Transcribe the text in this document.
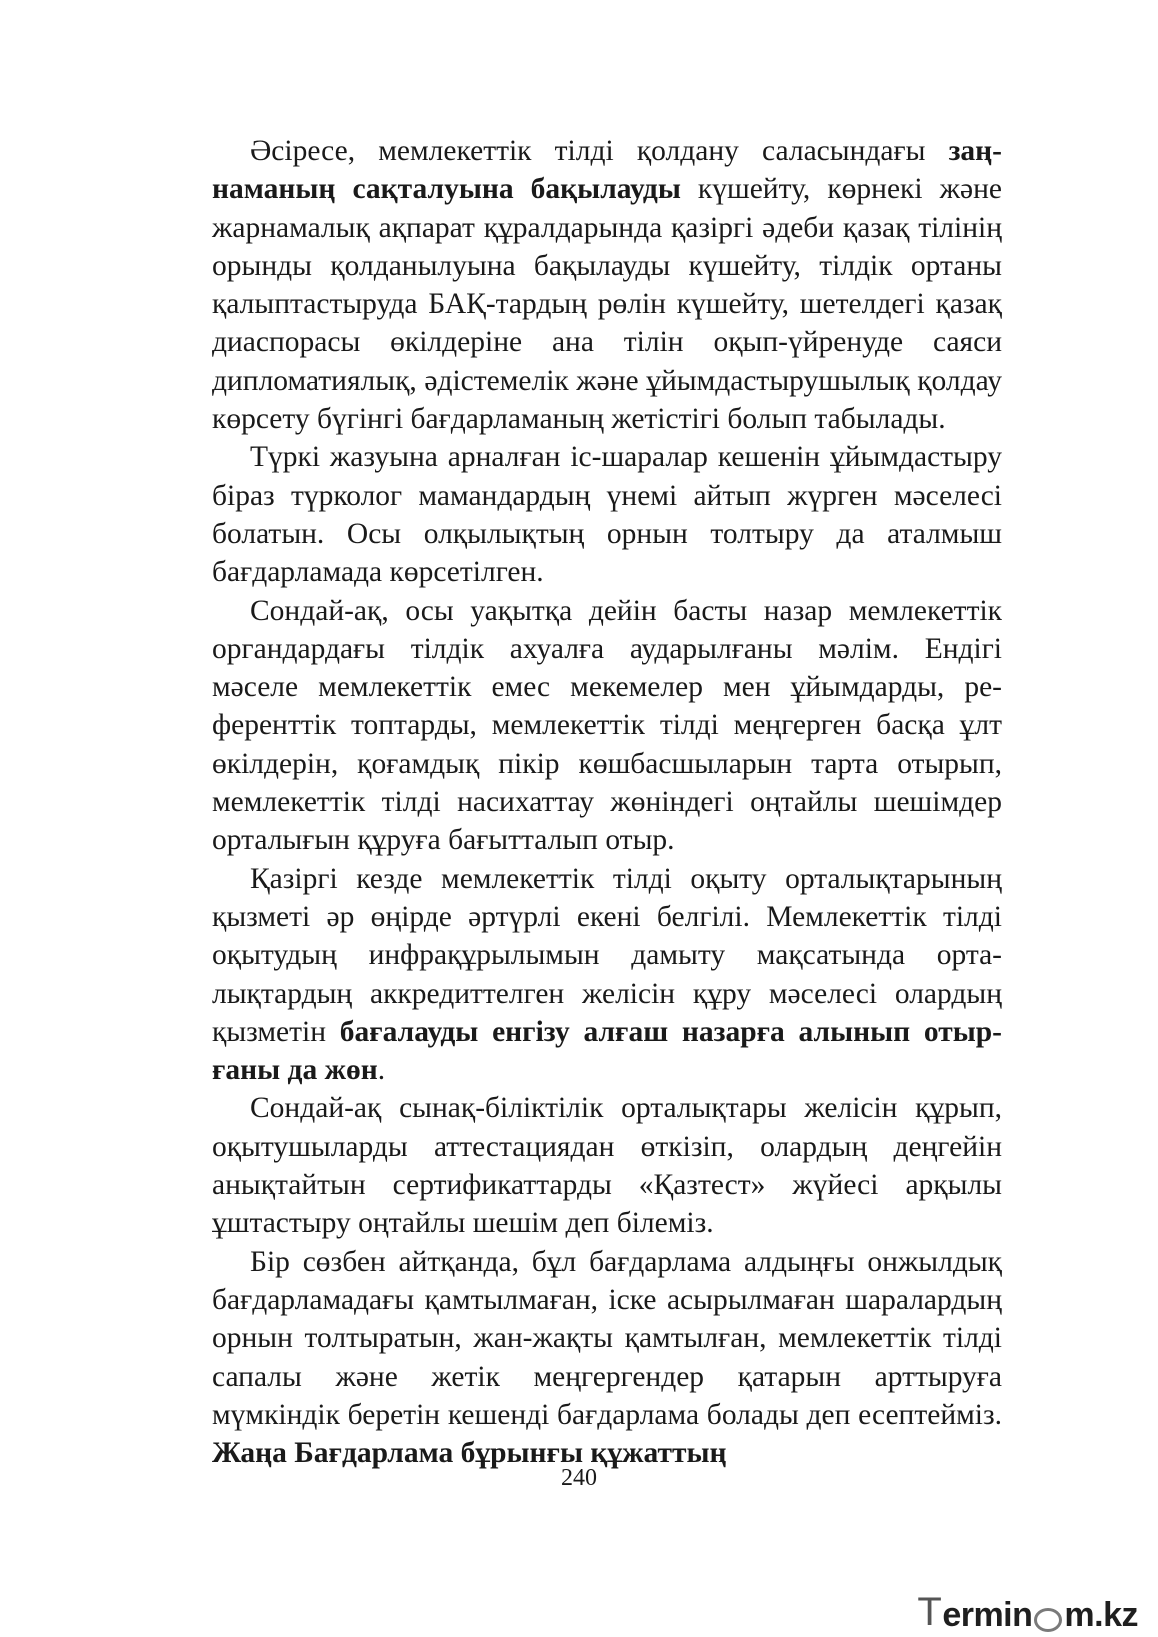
Әсіресе, мемлекеттік тілді қолдану саласындағы заңнаманың сақталуына бақылауды күшейту, көрнекі және жарнамалық ақпарат құралдарында қазіргі әдеби қазақ тілінің орынды қолданылуына бақылауды күшейту, тілдік ортаны қалыптастыруда БАҚ-тардың рөлін күшейту, шетелдегі қазақ диаспорасы өкілдеріне ана тілін оқып-үйренуде саяси дипломатиялық, әдістемелік және ұйымдастырушылық қолдау көрсету бүгінгі бағдарламаның жетістігі болып табылады.

Түркі жазуына арналған іс-шаралар кешенін ұйымдастыру біраз түрколог мамандардың үнемі айтып жүрген мәселесі болатын. Осы олқылықтың орнын толтыру да аталмыш бағдарламада көрсетілген.

Сондай-ақ, осы уақытқа дейін басты назар мемлекеттік органдардағы тілдік ахуалға аударылғаны мәлім. Ендігі мәселе мемлекеттік емес мекемелер мен ұйымдарды, референттік топтарды, мемлекеттік тілді меңгерген басқа ұлт өкілдерін, қоғамдық пікір көшбасшыларын тарта отырып, мемлекеттік тілді насихаттау жөніндегі оңтайлы шешімдер орталығын құруға бағытталып отыр.

Қазіргі кезде мемлекеттік тілді оқыту орталықтарының қызметі әр өңірде әртүрлі екені белгілі. Мемлекеттік тілді оқытудың инфрақұрылымын дамыту мақсатында орталықтардың аккредиттелген желісін құру мәселесі олардың қызметін бағалауды енгізу алғаш назарға алынып отырғаны да жөн.

Сондай-ақ сынақ-біліктілік орталықтары желісін құрып, оқытушыларды аттестациядан өткізіп, олардың деңгейін анықтайтын сертификаттарды «Қазтест» жүйесі арқылы ұштастыру оңтайлы шешім деп білеміз.

Бір сөзбен айтқанда, бұл бағдарлама алдыңғы онжылдық бағдарламадағы қамтылмаған, іске асырылмаған шаралардың орнын толтыратын, жан-жақты қамтылған, мемлекеттік тілді сапалы және жетік меңгергендер қатарын арттыруға мүмкіндік беретін кешенді бағдарлама болады деп есептейміз. Жаңа Бағдарлама бұрынғы құжаттың

240
T ermin m.kz
